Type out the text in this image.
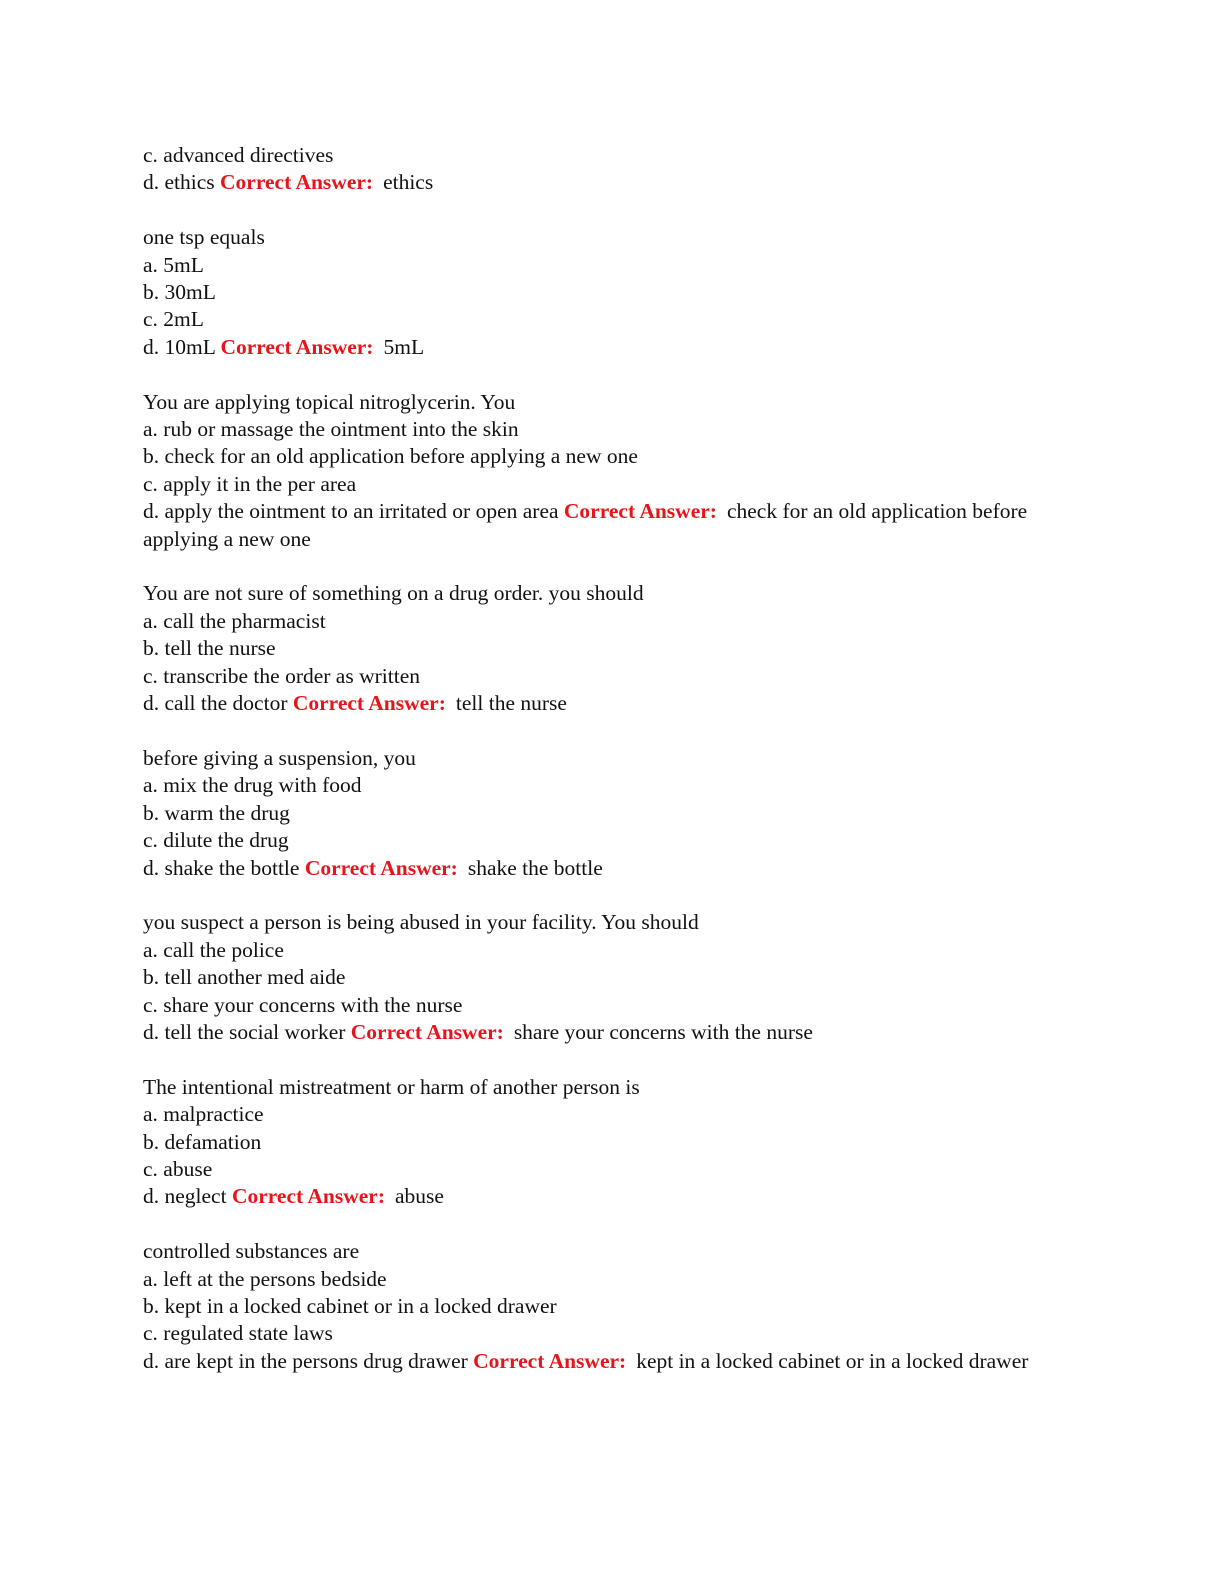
c. advanced directives
d. ethics Correct Answer: ethics
one tsp equals
a. 5mL
b. 30mL
c. 2mL
d. 10mL Correct Answer: 5mL
You are applying topical nitroglycerin. You
a. rub or massage the ointment into the skin
b. check for an old application before applying a new one
c. apply it in the per area
d. apply the ointment to an irritated or open area Correct Answer: check for an old application before applying a new one
You are not sure of something on a drug order. you should
a. call the pharmacist
b. tell the nurse
c. transcribe the order as written
d. call the doctor Correct Answer: tell the nurse
before giving a suspension, you
a. mix the drug with food
b. warm the drug
c. dilute the drug
d. shake the bottle Correct Answer: shake the bottle
you suspect a person is being abused in your facility. You should
a. call the police
b. tell another med aide
c. share your concerns with the nurse
d. tell the social worker Correct Answer: share your concerns with the nurse
The intentional mistreatment or harm of another person is
a. malpractice
b. defamation
c. abuse
d. neglect Correct Answer: abuse
controlled substances are
a. left at the persons bedside
b. kept in a locked cabinet or in a locked drawer
c. regulated state laws
d. are kept in the persons drug drawer Correct Answer: kept in a locked cabinet or in a locked drawer
